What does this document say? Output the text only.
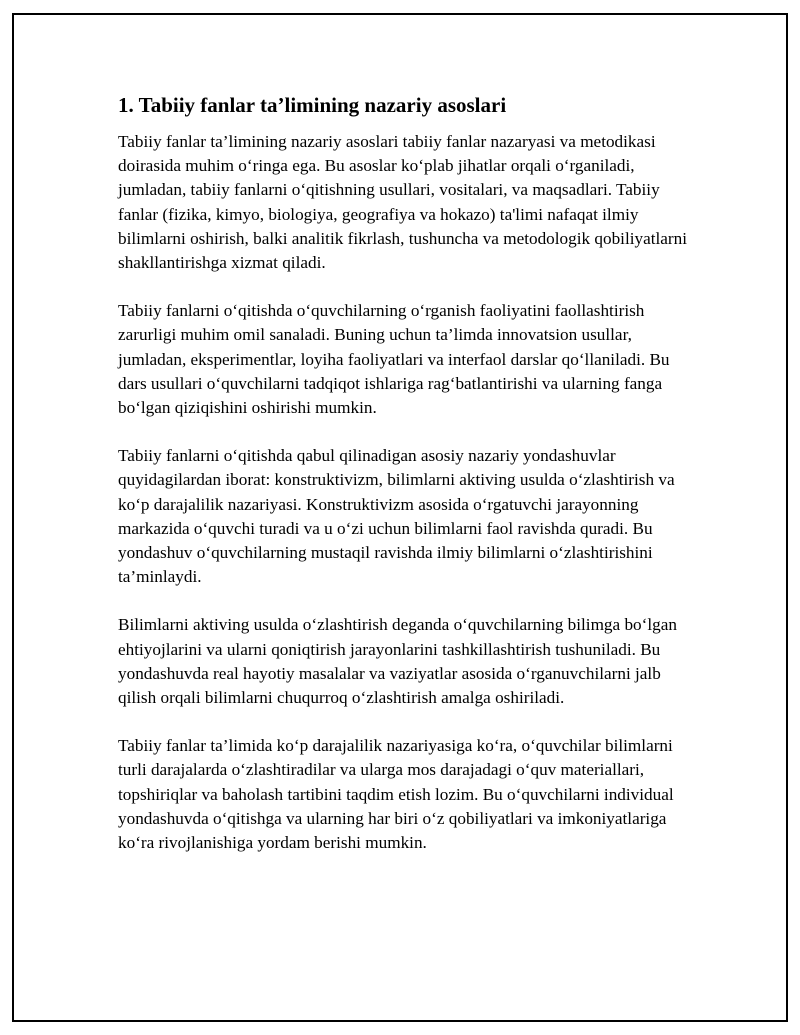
1. Tabiiy fanlar ta’limining nazariy asoslari

Tabiiy fanlar ta’limining nazariy asoslari tabiiy fanlar nazaryasi va metodikasi doirasida muhim o‘ringa ega. Bu asoslar ko‘plab jihatlar orqali o‘rganiladi, jumladan, tabiiy fanlarni o‘qitishning usullari, vositalari, va maqsadlari. Tabiiy fanlar (fizika, kimyo, biologiya, geografiya va hokazo) ta'limi nafaqat ilmiy bilimlarni oshirish, balki analitik fikrlash, tushuncha va metodologik qobiliyatlarni shakllantirishga xizmat qiladi.

Tabiiy fanlarni o‘qitishda o‘quvchilarning o‘rganish faoliyatini faollashtirish zarurligi muhim omil sanaladi. Buning uchun ta’limda innovatsion usullar, jumladan, eksperimentlar, loyiha faoliyatlari va interfaol darslar qo‘llaniladi. Bu dars usullari o‘quvchilarni tadqiqot ishlariga rag‘batlantirishi va ularning fanga bo‘lgan qiziqishini oshirishi mumkin.

Tabiiy fanlarni o‘qitishda qabul qilinadigan asosiy nazariy yondashuvlar quyidagilardan iborat: konstruktivizm, bilimlarni aktiving usulda o‘zlashtirish va ko‘p darajalilik nazariyasi. Konstruktivizm asosida o‘rgatuvchi jarayonning markazida o‘quvchi turadi va u o‘zi uchun bilimlarni faol ravishda quradi. Bu yondashuv o‘quvchilarning mustaqil ravishda ilmiy bilimlarni o‘zlashtirishini ta’minlaydi.

Bilimlarni aktiving usulda o‘zlashtirish deganda o‘quvchilarning bilimga bo‘lgan ehtiyojlarini va ularni qoniqtirish jarayonlarini tashkillashtirish tushuniladi. Bu yondashuvda real hayotiy masalalar va vaziyatlar asosida o‘rganuvchilarni jalb qilish orqali bilimlarni chuqurroq o‘zlashtirish amalga oshiriladi.

Tabiiy fanlar ta’limida ko‘p darajalilik nazariyasiga ko‘ra, o‘quvchilar bilimlarni turli darajalarda o‘zlashtiradilar va ularga mos darajadagi o‘quv materiallari, topshiriqlar va baholash tartibini taqdim etish lozim. Bu o‘quvchilarni individual yondashuvda o‘qitishga va ularning har biri o‘z qobiliyatlari va imkoniyatlariga ko‘ra rivojlanishiga yordam berishi mumkin.
